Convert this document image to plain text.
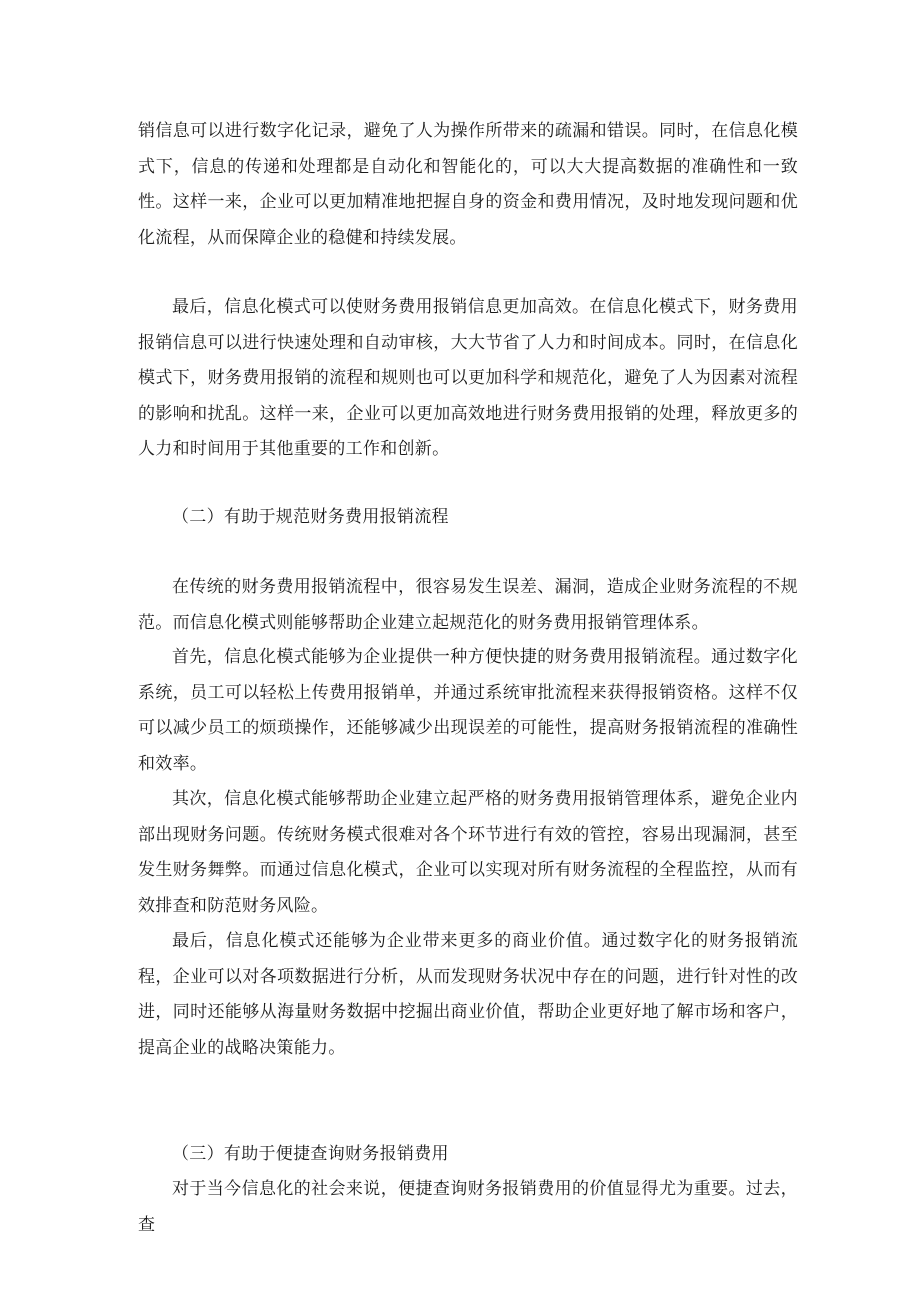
销信息可以进行数字化记录，避免了人为操作所带来的疏漏和错误。同时，在信息化模式下，信息的传递和处理都是自动化和智能化的，可以大大提高数据的准确性和一致性。这样一来，企业可以更加精准地把握自身的资金和费用情况，及时地发现问题和优化流程，从而保障企业的稳健和持续发展。

最后，信息化模式可以使财务费用报销信息更加高效。在信息化模式下，财务费用报销信息可以进行快速处理和自动审核，大大节省了人力和时间成本。同时，在信息化模式下，财务费用报销的流程和规则也可以更加科学和规范化，避免了人为因素对流程的影响和扰乱。这样一来，企业可以更加高效地进行财务费用报销的处理，释放更多的人力和时间用于其他重要的工作和创新。

（二）有助于规范财务费用报销流程

在传统的财务费用报销流程中，很容易发生误差、漏洞，造成企业财务流程的不规范。而信息化模式则能够帮助企业建立起规范化的财务费用报销管理体系。

首先，信息化模式能够为企业提供一种方便快捷的财务费用报销流程。通过数字化系统，员工可以轻松上传费用报销单，并通过系统审批流程来获得报销资格。这样不仅可以减少员工的烦琐操作，还能够减少出现误差的可能性，提高财务报销流程的准确性和效率。

其次，信息化模式能够帮助企业建立起严格的财务费用报销管理体系，避免企业内部出现财务问题。传统财务模式很难对各个环节进行有效的管控，容易出现漏洞，甚至发生财务舞弊。而通过信息化模式，企业可以实现对所有财务流程的全程监控，从而有效排查和防范财务风险。

最后，信息化模式还能够为企业带来更多的商业价值。通过数字化的财务报销流程，企业可以对各项数据进行分析，从而发现财务状况中存在的问题，进行针对性的改进，同时还能够从海量财务数据中挖掘出商业价值，帮助企业更好地了解市场和客户，提高企业的战略决策能力。

（三）有助于便捷查询财务报销费用

对于当今信息化的社会来说，便捷查询财务报销费用的价值显得尤为重要。过去，查
